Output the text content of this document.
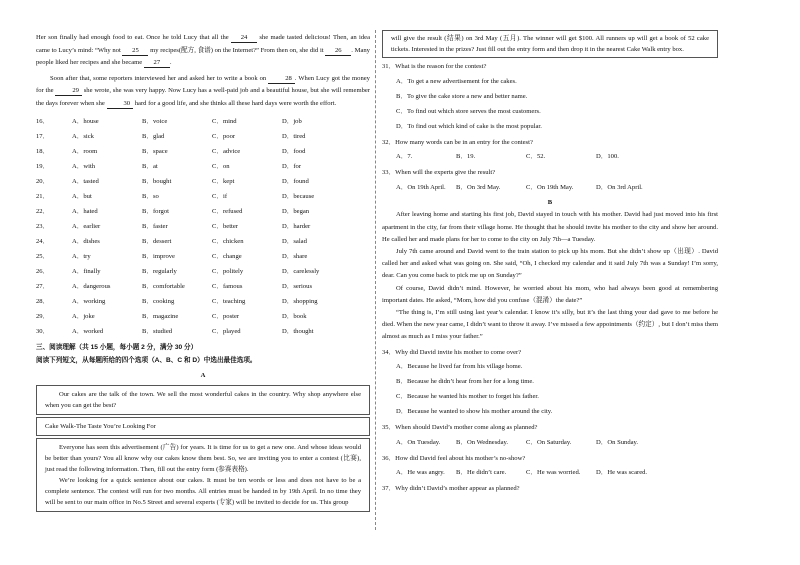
Her son finally had enough food to eat. Once he told Lucy that all the 24 she made tasted delicious! Then, an idea came to Lucy’s mind: “Why not 25 my recipes(配方, 食谱) on the Internet?” From then on, she did it 26 . Many people liked her recipes and she became 27 .

Soon after that, some reporters interviewed her and asked her to write a book on	28 . When Lucy got the money for the	29 she wrote, she was very happy. Now Lucy has a well-paid job and a beautiful house, but she will remember the days forever when she	30 hard for a good life, and she thinks all these hard days were worth the effort.

16．	A．house	B．voice	C．mind	D．job
17．	A．sick	B．glad	C．poor	D．tired
18．	A．room	B．space	C．advice	D．food
19．	A．with	B．at	C．on	D．for
20．	A．tasted	B．bought	C．kept	D．found
21．	A．but	B．so	C．if	D．because
22．	A．hated	B．forgot	C．refused	D．began
23．	A．earlier	B．faster	C．better	D．harder
24．	A．dishes	B．dessert	C．chicken	D．salad
25．	A．try	B．improve	C．change	D．share
26．	A．finally	B．regularly	C．politely	D．carelessly
27．	A．dangerous	B．comfortable	C．famous	D．serious
28．	A．working	B．cooking	C．teaching	D．shopping
29．	A．joke	B．magazine	C．poster	D．book
30．	A．worked	B．studied	C．played	D．thought

三、阅读理解（共 15 小题，每小题 2 分，满分 30 分）

阅读下列短文，从每题所给的四个选项（A、B、C 和 D）中选出最佳选项。

A

Our cakes are the talk of the town. We sell the most wonderful cakes in the country. Why shop anywhere else when you can get the best?

Cake Walk-The Taste You’re Looking For

Everyone has seen this advertisement (广告) for years. It is time for us to get a new one. And whose ideas would be better than yours? You all know why our cakes know them best. So, we are inviting you to enter a contest (比赛), just read the following information. Then, fill out the entry form (参赛表格).

We’re looking for a quick sentence about our cakes. It must be ten words or less and does not have to be a complete sentence. The contest will run for two months. All entries must be handed in by 19th April. In no time they will be sent to our main office in No.5 Street and several experts (专家) will be invited to decide for us. This group

will give the result (结果) on 3rd May (五月). The winner will get $100. All runners up will get a book of 52 cake tickets. Interested in the prizes? Just fill out the entry form and then drop it in the nearest Cake Walk entry box.

31．What is the reason for the contest?

A．To get a new advertisement for the cakes.
B．To give the cake store a new and better name.
C．To find out which store serves the most customers.
D．To find out which kind of cake is the most popular.

32．How many words can be in an entry for the contest?

A．7.	B．19.	C．52.	D．100.

33．When will the experts give the result?

A．On 19th April.	B．On 3rd May.	C．On 19th May.	D．On 3rd April.

B

After leaving home and starting his first job, David stayed in touch with his mother. David had just moved into his first apartment in the city, far from their village home. He thought that he should invite his mother to the city and show her around. He called her and made plans for her to come to the city on July 7th—a Tuesday.

July 7th came around and David went to the train station to pick up his mom. But she didn’t show up（出现）. David called her and asked what was going on. She said, “Oh, I checked my calendar and it said July 7th was a Sunday! I’m sorry, dear. Can you come back to pick me up on Sunday?”

Of course, David didn’t mind. However, he worried about his mom, who had always been good at remembering important dates. He asked, “Mom, how did you confuse（混淆）the date?”

“The thing is, I’m still using last year’s calendar. I know it’s silly, but it’s the last thing your dad gave to me before he died. When the new year came, I didn’t want to throw it away. I’ve missed a few appointments（约定）, but I don’t miss them almost as much as I miss your father.”

34．Why did David invite his mother to come over?

A．Because he lived far from his village home.
B．Because he didn’t hear from her for a long time.
C．Because he wanted his mother to forget his father.
D．Because he wanted to show his mother around the city.

35．When should David’s mother come along as planned?

A．On Tuesday.	B．On Wednesday.	C．On Saturday.	D．On Sunday.

36．How did David feel about his mother’s no-show?

A．He was angry.	B．He didn’t care.	C．He was worried.	D．He was scared.

37．Why didn’t David’s mother appear as planned?
